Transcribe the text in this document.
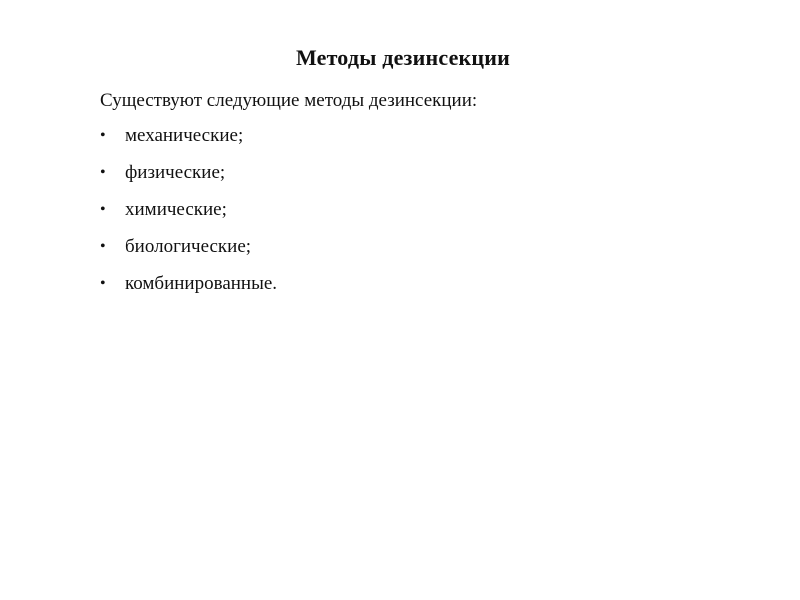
Методы дезинсекции
Существуют следующие методы дезинсекции:
•	механические;
•	физические;
•	химические;
•	биологические;
•	комбинированные.
